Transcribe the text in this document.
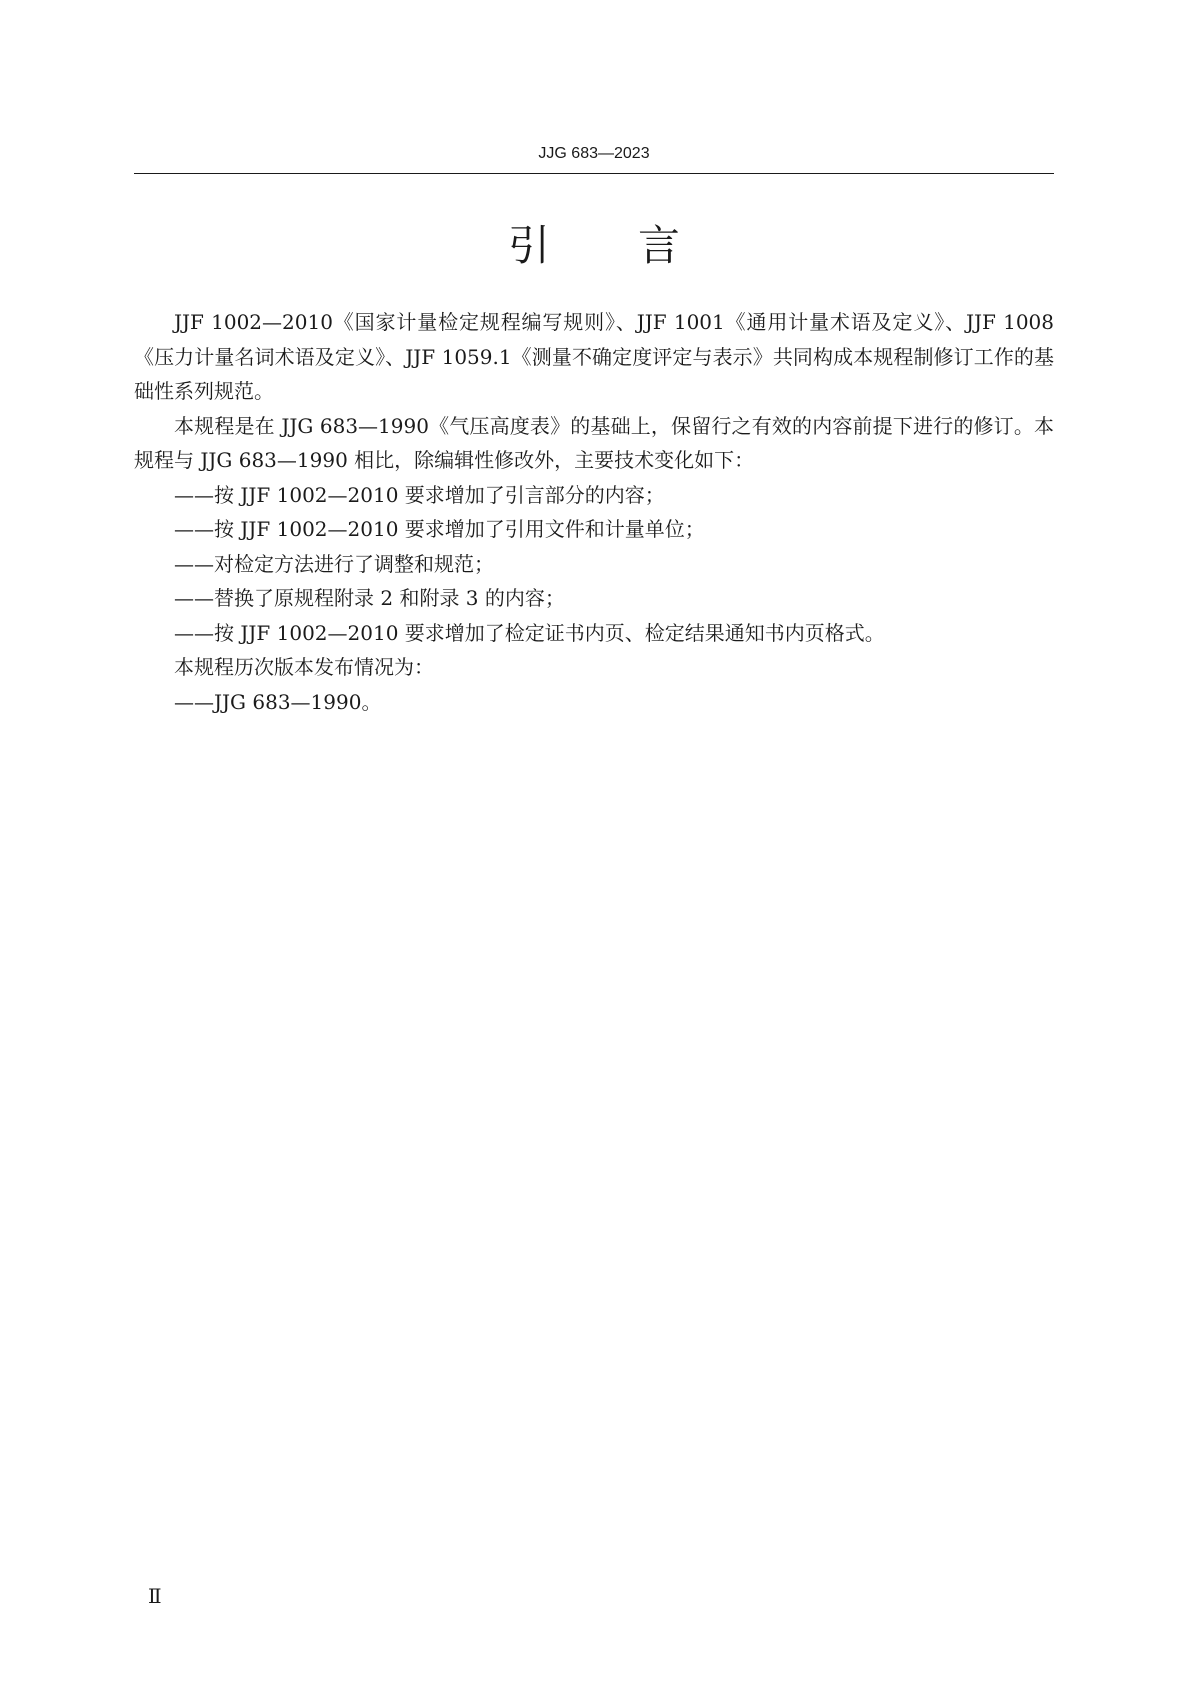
JJG 683—2023
引言

JJF 1002—2010《国家计量检定规程编写规则》、JJF 1001《通用计量术语及定义》、JJF 1008《压力计量名词术语及定义》、JJF 1059.1《测量不确定度评定与表示》共同构成本规程制修订工作的基础性系列规范。

本规程是在 JJG 683—1990《气压高度表》的基础上，保留行之有效的内容前提下进行的修订。本规程与 JJG 683—1990 相比，除编辑性修改外，主要技术变化如下：

——按 JJF 1002—2010 要求增加了引言部分的内容；

——按 JJF 1002—2010 要求增加了引用文件和计量单位；

——对检定方法进行了调整和规范；

——替换了原规程附录 2 和附录 3 的内容；

——按 JJF 1002—2010 要求增加了检定证书内页、检定结果通知书内页格式。

本规程历次版本发布情况为：

——JJG 683—1990。

Ⅱ
